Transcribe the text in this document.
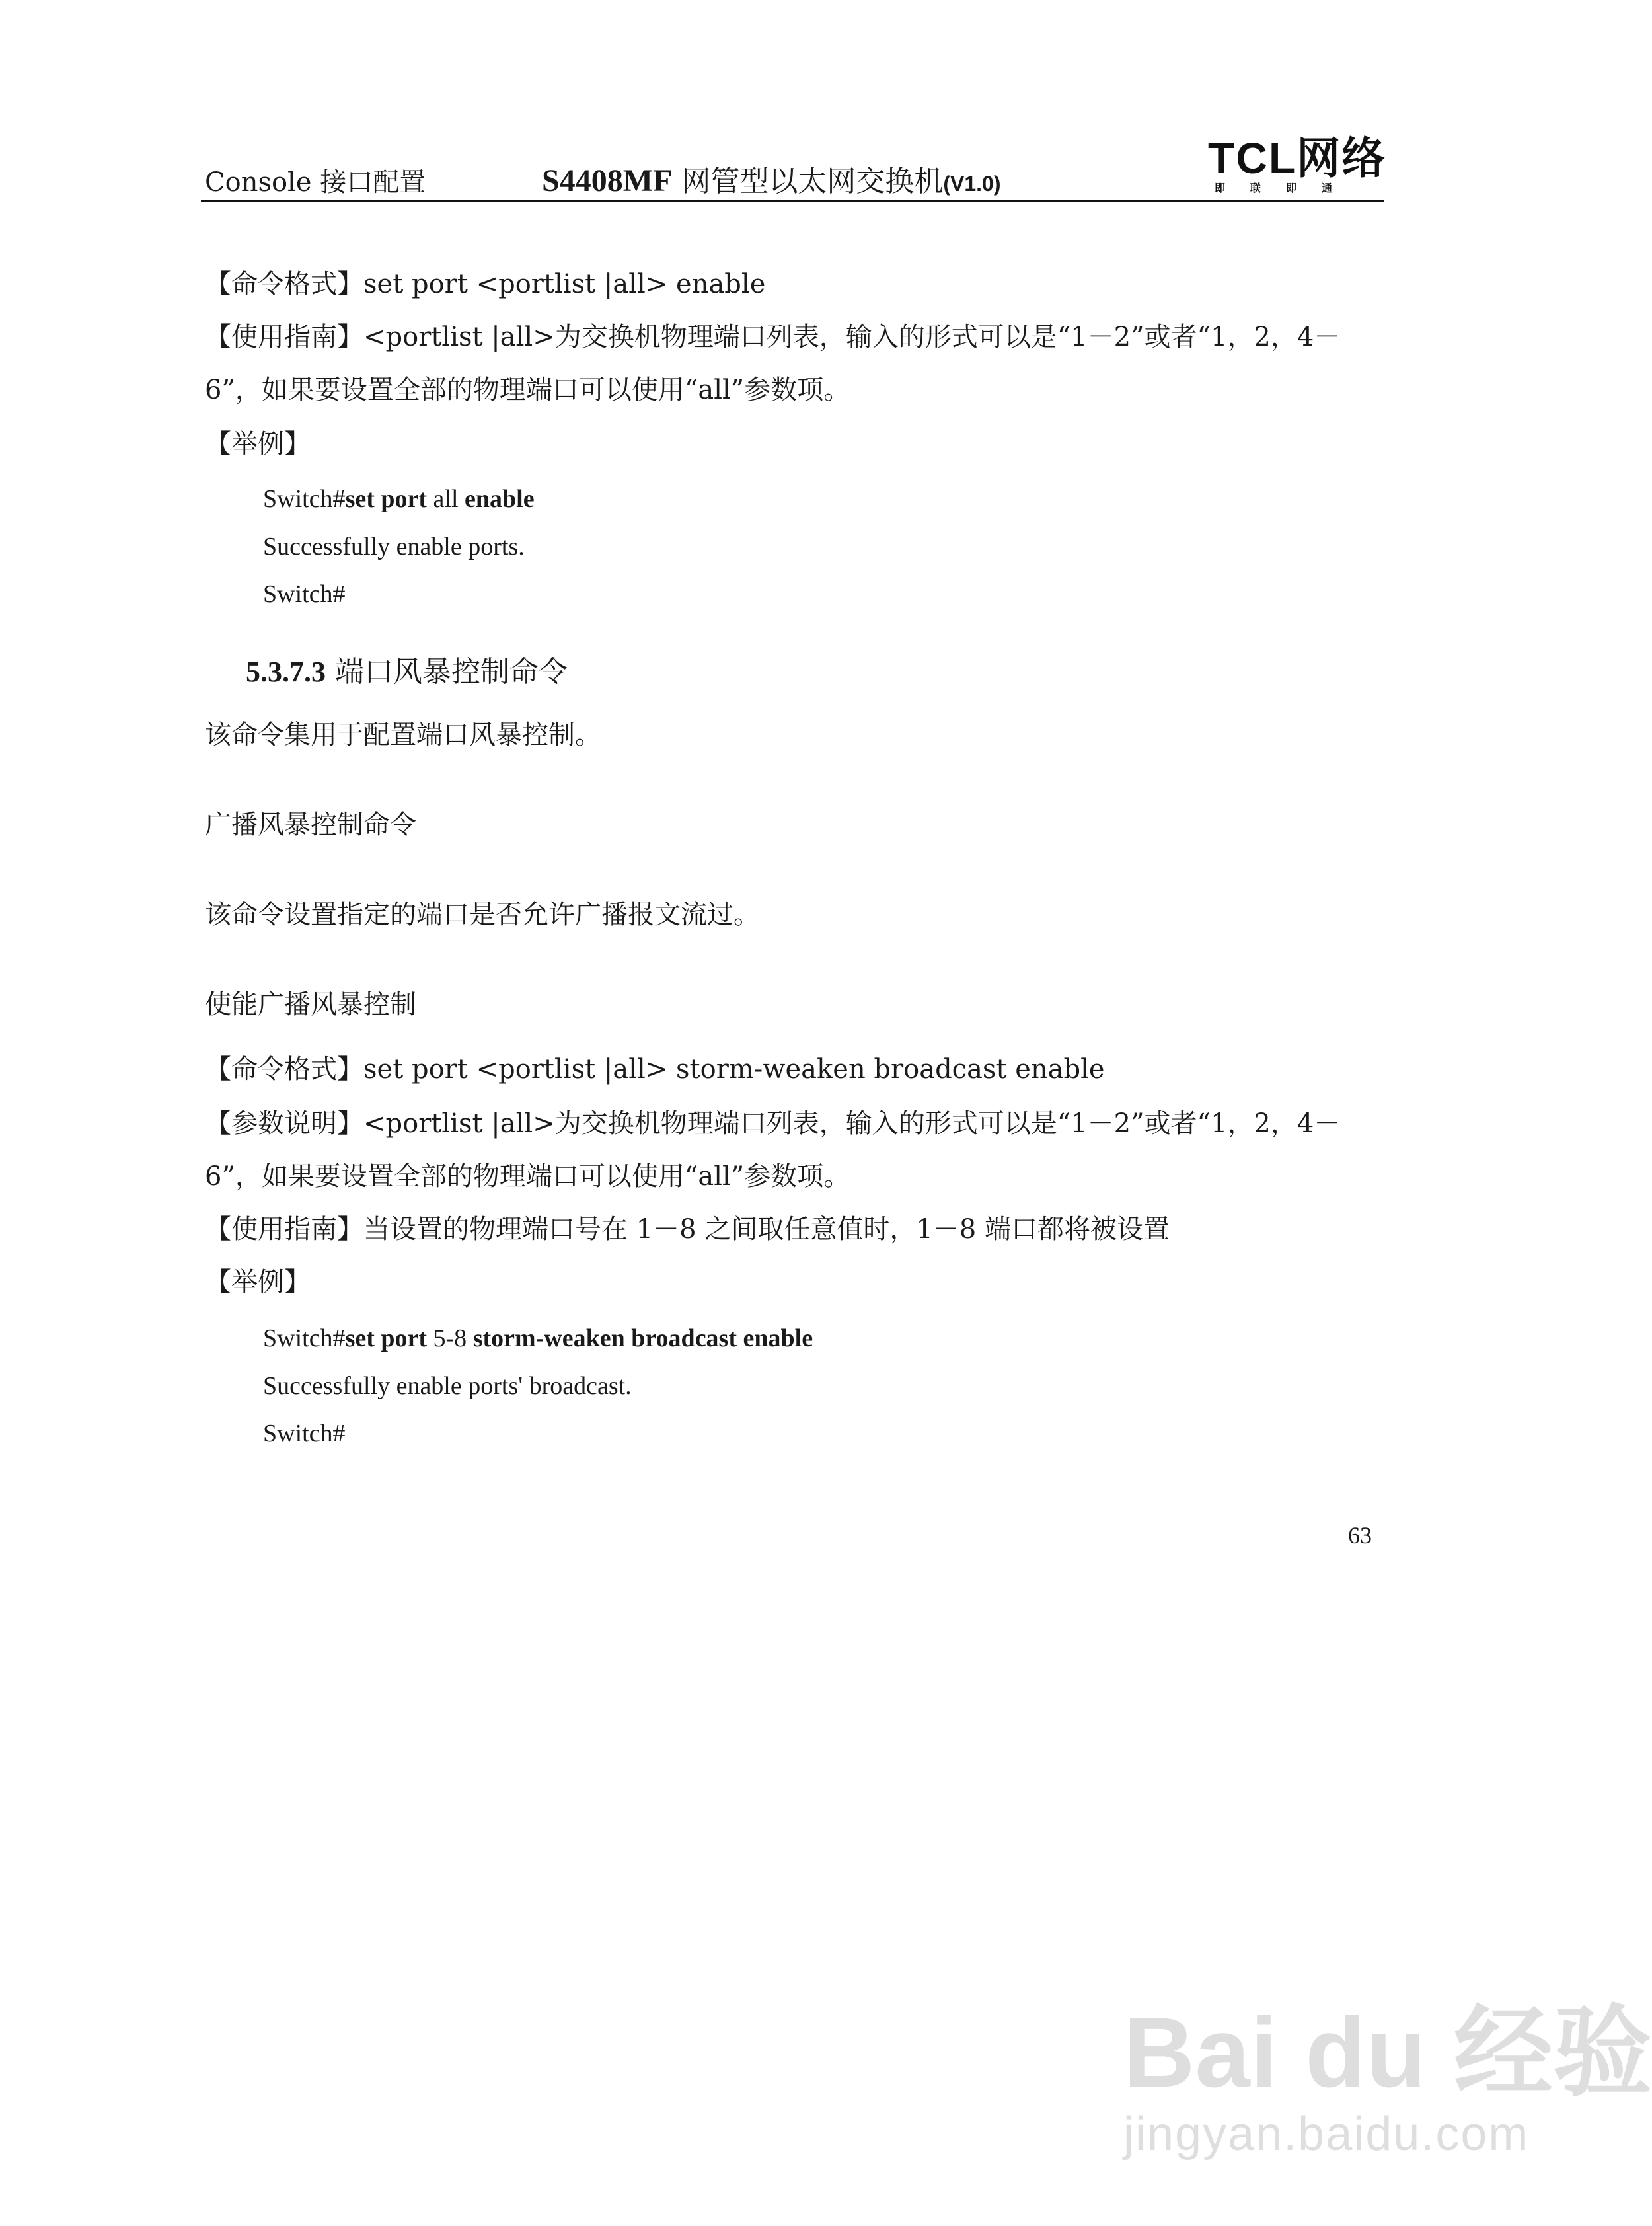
Console 接口配置	S4408MF 网管型以太网交换机(V1.0)
TCL网络
即联即通
【命令格式】set port <portlist |all> enable
【使用指南】<portlist |all>为交换机物理端口列表，输入的形式可以是“1－2”或者“1，2，4－
6”，如果要设置全部的物理端口可以使用“all”参数项。
【举例】
Switch#set port all enable
Successfully enable ports.
Switch#
5.3.7.3 端口风暴控制命令
该命令集用于配置端口风暴控制。
广播风暴控制命令
该命令设置指定的端口是否允许广播报文流过。
使能广播风暴控制
【命令格式】set port <portlist |all> storm-weaken broadcast enable
【参数说明】<portlist |all>为交换机物理端口列表，输入的形式可以是“1－2”或者“1，2，4－
6”，如果要设置全部的物理端口可以使用“all”参数项。
【使用指南】当设置的物理端口号在 1－8 之间取任意值时，1－8 端口都将被设置
【举例】
Switch#set port 5-8 storm-weaken broadcast enable
Successfully enable ports' broadcast.
Switch#
63
Bai du 经验
jingyan.baidu.com
